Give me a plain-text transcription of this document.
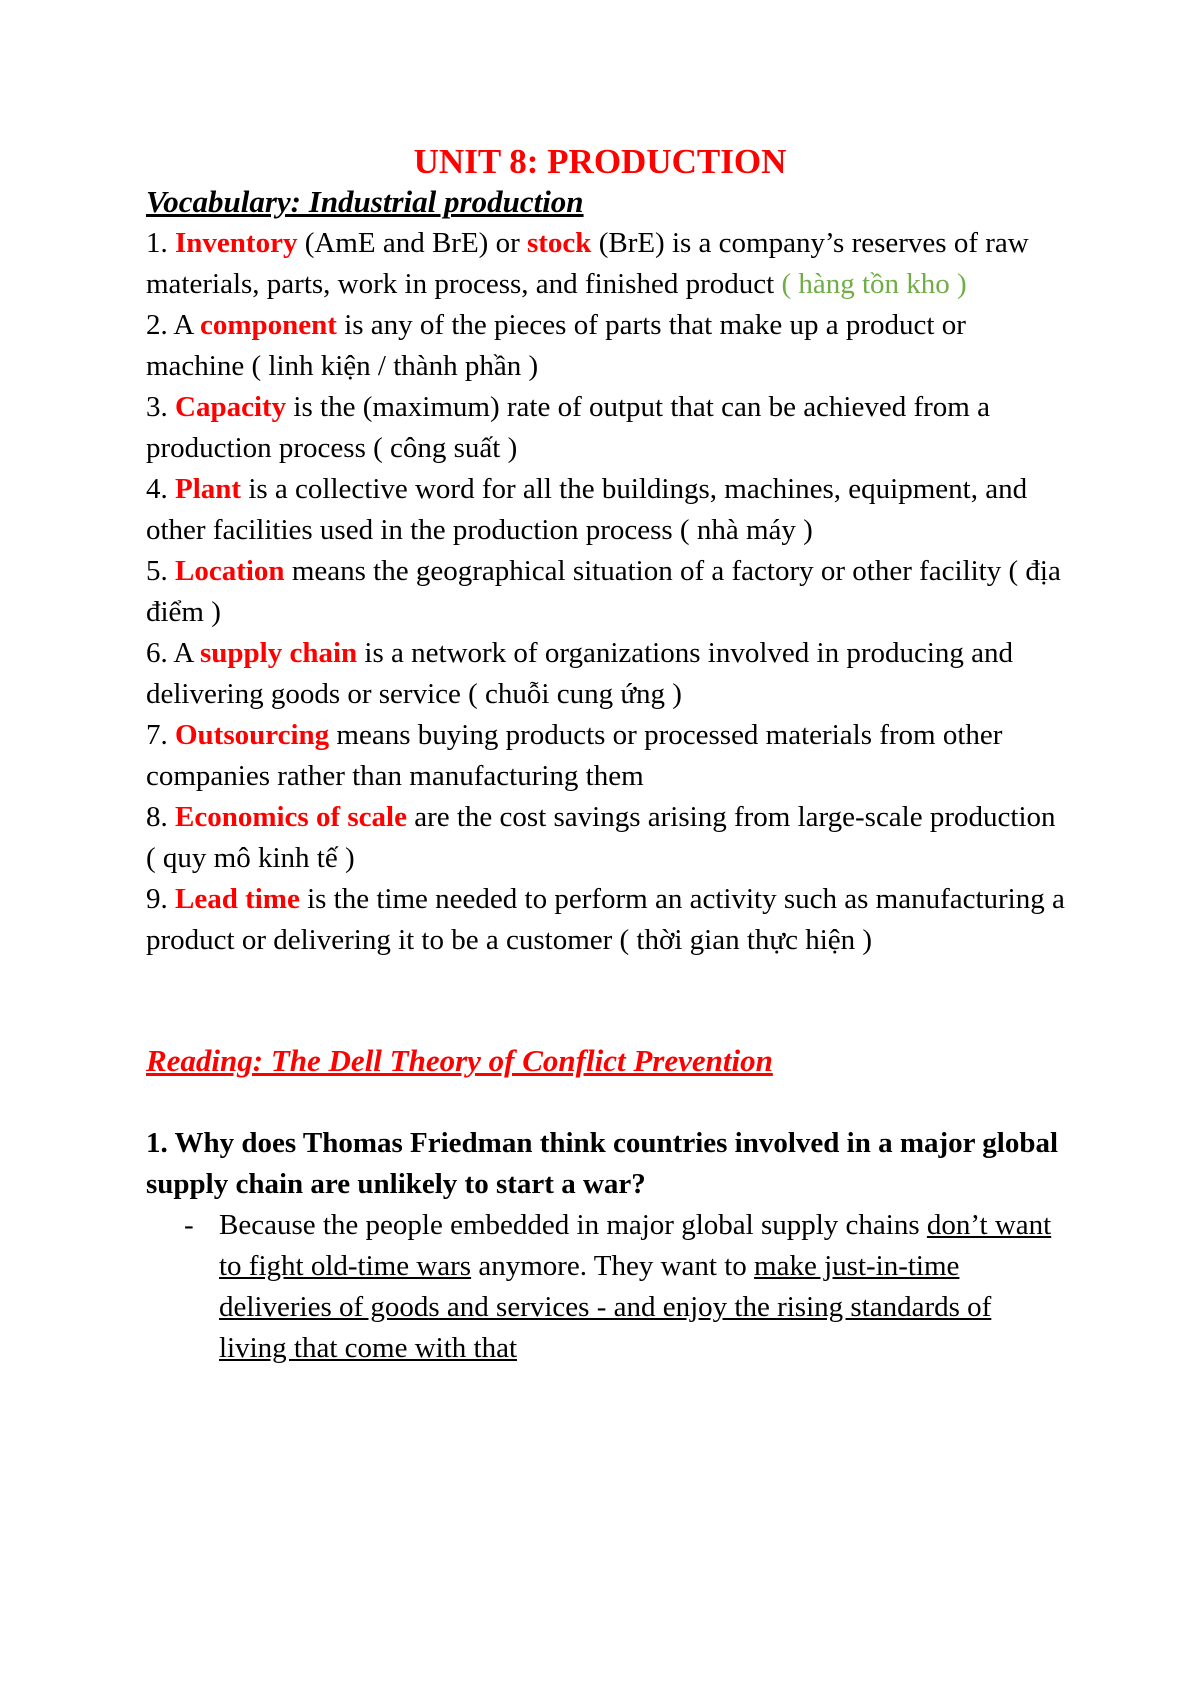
UNIT 8: PRODUCTION
Vocabulary: Industrial production
1. Inventory (AmE and BrE) or stock (BrE) is a company’s reserves of raw materials, parts, work in process, and finished product ( hàng tồn kho )
2. A component is any of the pieces of parts that make up a product or machine ( linh kiện / thành phần )
3. Capacity is the (maximum) rate of output that can be achieved from a production process ( công suất )
4. Plant is a collective word for all the buildings, machines, equipment, and other facilities used in the production process ( nhà máy )
5. Location means the geographical situation of a factory or other facility ( địa điểm )
6. A supply chain is a network of organizations involved in producing and delivering goods or service ( chuỗi cung ứng )
7. Outsourcing means buying products or processed materials from other companies rather than manufacturing them
8. Economics of scale are the cost savings arising from large-scale production ( quy mô kinh tế )
9. Lead time is the time needed to perform an activity such as manufacturing a product or delivering it to be a customer ( thời gian thực hiện )
Reading: The Dell Theory of Conflict Prevention
1. Why does Thomas Friedman think countries involved in a major global supply chain are unlikely to start a war?
- Because the people embedded in major global supply chains don’t want to fight old-time wars anymore. They want to make just-in-time deliveries of goods and services - and enjoy the rising standards of living that come with that
